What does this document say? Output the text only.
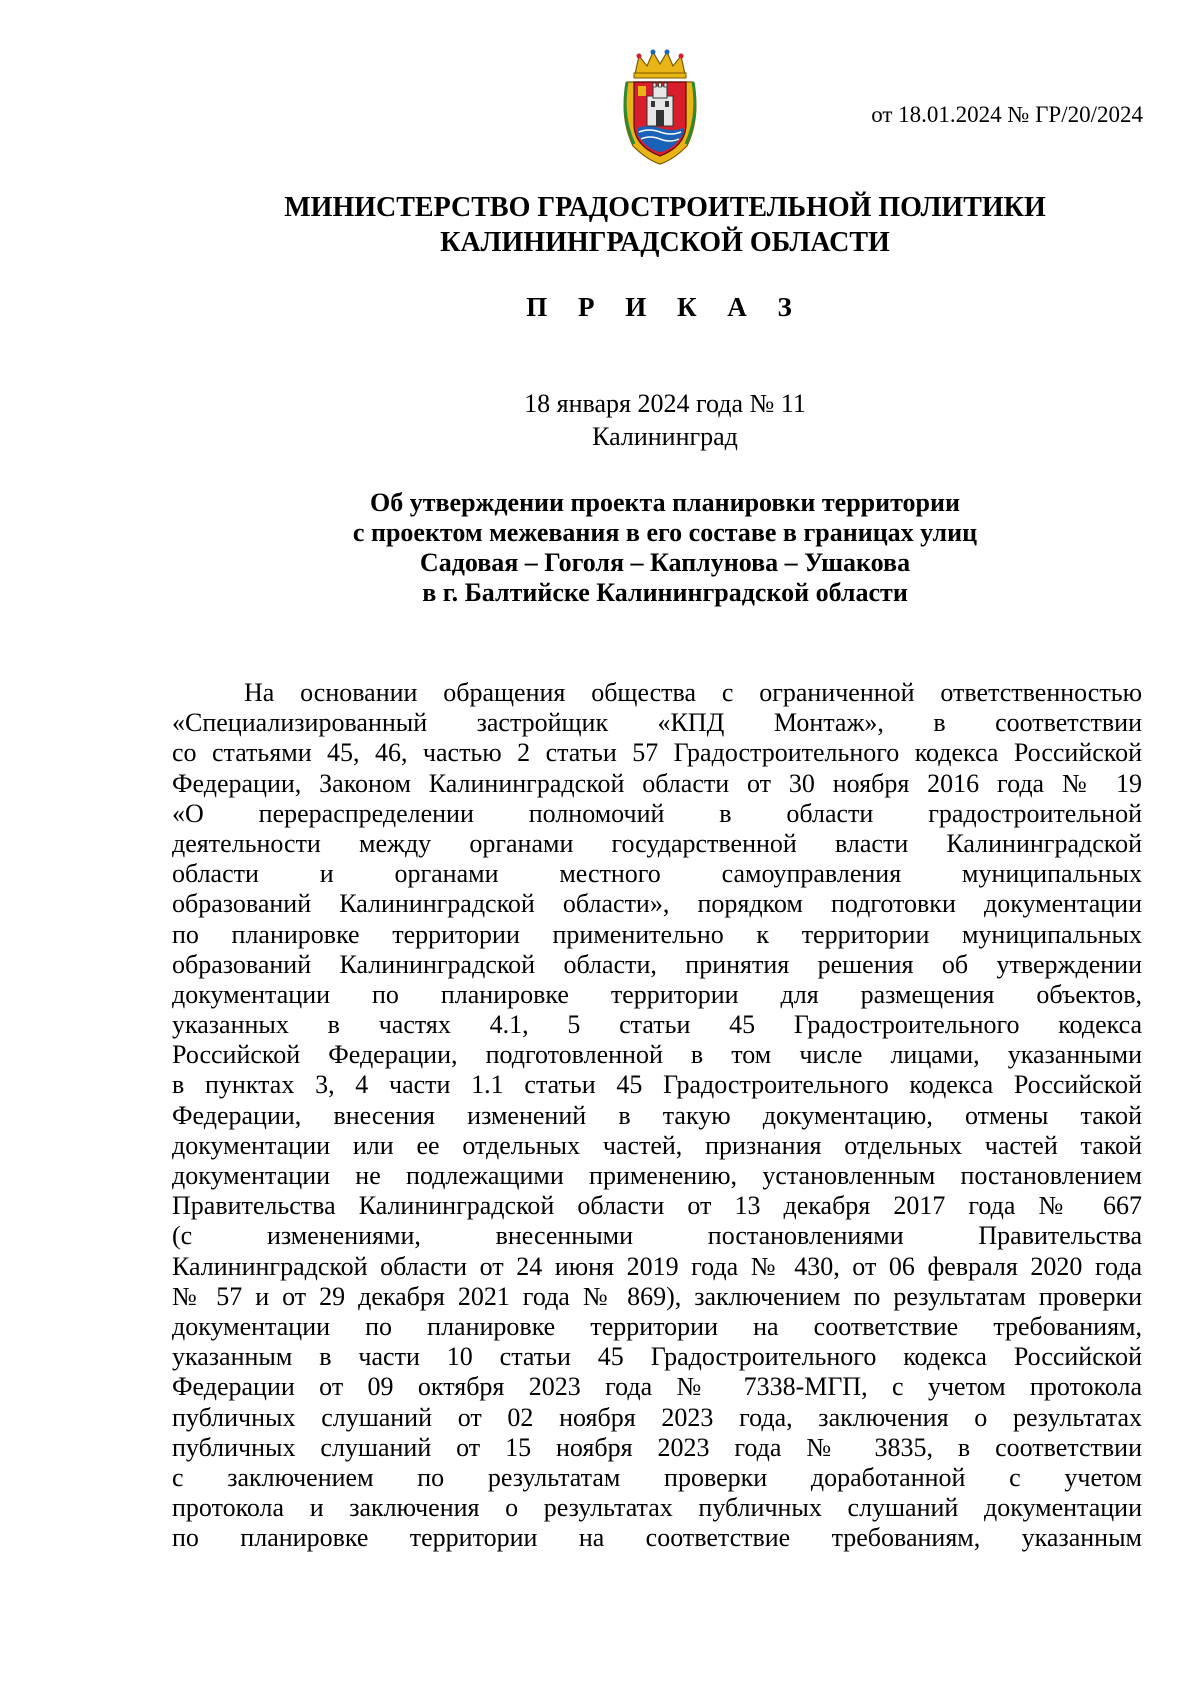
от 18.01.2024 № ГР/20/2024
МИНИСТЕРСТВО ГРАДОСТРОИТЕЛЬНОЙ ПОЛИТИКИ
КАЛИНИНГРАДСКОЙ ОБЛАСТИ
П Р И К А З
18 января 2024 года № 11
Калининград
Об утверждении проекта планировки территории
с проектом межевания в его составе в границах улиц
Садовая – Гоголя – Каплунова – Ушакова
в г. Балтийске Калининградской области
На основании обращения общества с ограниченной ответственностью
«Специализированный застройщик «КПД Монтаж», в соответствии
со статьями 45, 46, частью 2 статьи 57 Градостроительного кодекса Российской
Федерации, Законом Калининградской области от 30 ноября 2016 года № 19
«О перераспределении полномочий в области градостроительной
деятельности между органами государственной власти Калининградской
области и органами местного самоуправления муниципальных
образований Калининградской области», порядком подготовки документации
по планировке территории применительно к территории муниципальных
образований Калининградской области, принятия решения об утверждении
документации по планировке территории для размещения объектов,
указанных в частях 4.1, 5 статьи 45 Градостроительного кодекса
Российской Федерации, подготовленной в том числе лицами, указанными
в пунктах 3, 4 части 1.1 статьи 45 Градостроительного кодекса Российской
Федерации, внесения изменений в такую документацию, отмены такой
документации или ее отдельных частей, признания отдельных частей такой
документации не подлежащими применению, установленным постановлением
Правительства Калининградской области от 13 декабря 2017 года № 667
(с изменениями, внесенными постановлениями Правительства
Калининградской области от 24 июня 2019 года № 430, от 06 февраля 2020 года
№ 57 и от 29 декабря 2021 года № 869), заключением по результатам проверки
документации по планировке территории на соответствие требованиям,
указанным в части 10 статьи 45 Градостроительного кодекса Российской
Федерации от 09 октября 2023 года № 7338-МГП, с учетом протокола
публичных слушаний от 02 ноября 2023 года, заключения о результатах
публичных слушаний от 15 ноября 2023 года № 3835, в соответствии
с заключением по результатам проверки доработанной с учетом
протокола и заключения о результатах публичных слушаний документации
по планировке территории на соответствие требованиям, указанным
